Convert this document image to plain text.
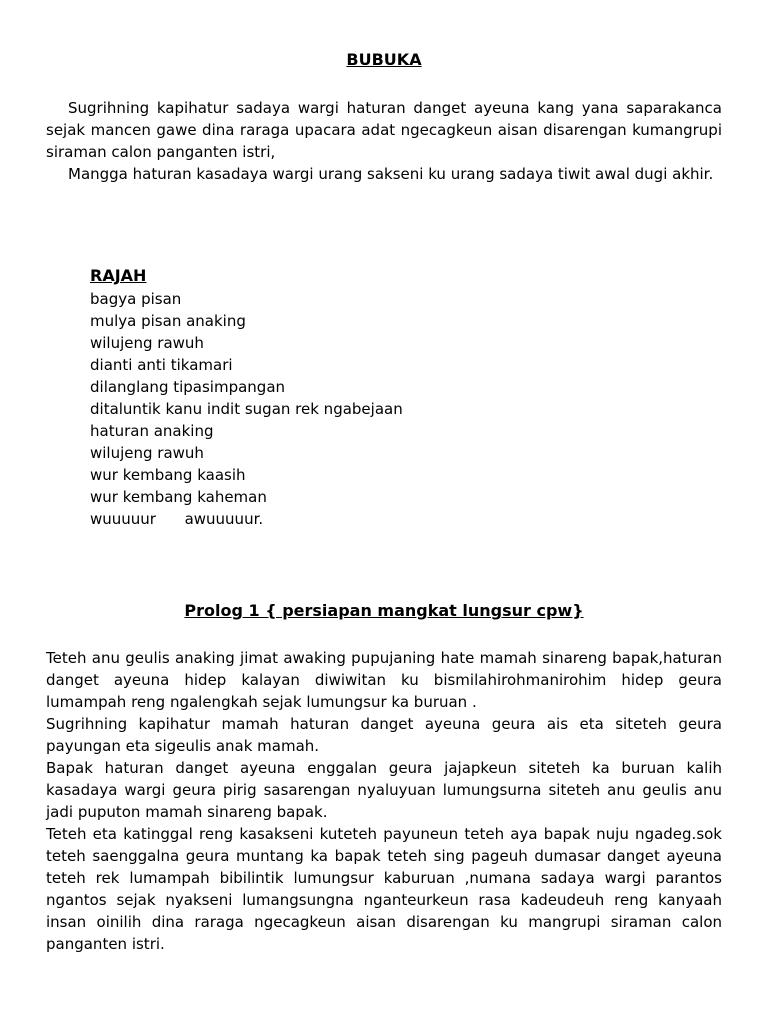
BUBUKA

Sugrihning kapihatur sadaya wargi haturan danget ayeuna kang yana saparakanca sejak mancen gawe dina raraga upacara adat ngecagkeun aisan disarengan kumangrupi siraman calon panganten istri,

Mangga haturan kasadaya wargi urang sakseni ku urang sadaya tiwit awal dugi akhir.

RAJAH
bagya pisan
mulya pisan anaking
wilujeng rawuh
dianti anti tikamari
dilanglang tipasimpangan
ditaluntik kanu indit sugan rek ngabejaan
haturan anaking
wilujeng rawuh
wur kembang kaasih
wur kembang kaheman
wuuuuur      awuuuuur.
Prolog 1 { persiapan mangkat lungsur cpw}

Teteh anu geulis anaking jimat awaking pupujaning hate mamah sinareng bapak,haturan danget ayeuna hidep kalayan diwiwitan ku bismilahirohmanirohim hidep geura lumampah reng ngalengkah sejak lumungsur ka buruan .

Sugrihning kapihatur mamah haturan danget ayeuna geura ais eta siteteh geura payungan eta sigeulis anak mamah.

Bapak haturan danget ayeuna enggalan geura jajapkeun siteteh ka buruan kalih kasadaya wargi geura pirig sasarengan nyaluyuan lumungsurna siteteh anu geulis anu jadi puputon mamah sinareng bapak.

Teteh eta katinggal reng kasakseni kuteteh payuneun teteh aya bapak nuju ngadeg.sok teteh saenggalna geura muntang ka bapak teteh sing pageuh dumasar danget ayeuna teteh rek lumampah bibilintik lumungsur kaburuan ,numana sadaya wargi parantos ngantos sejak nyakseni lumangsungna nganteurkeun rasa kadeudeuh reng kanyaah insan oinilih dina raraga ngecagkeun aisan disarengan ku mangrupi siraman calon panganten istri.
